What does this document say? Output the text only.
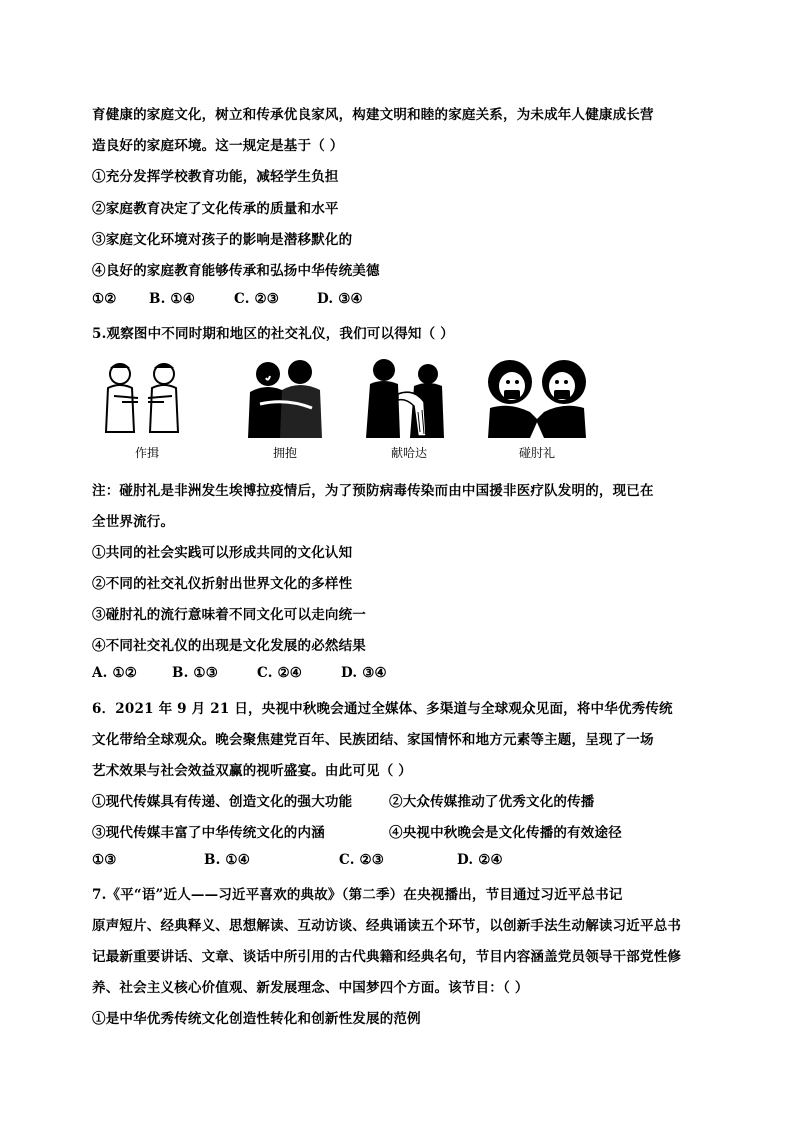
育健康的家庭文化，树立和传承优良家风，构建文明和睦的家庭关系，为未成年人健康成长营
造良好的家庭环境。这一规定是基于（ ）
①充分发挥学校教育功能，减轻学生负担
②家庭教育决定了文化传承的质量和水平
③家庭文化环境对孩子的影响是潜移默化的
④良好的家庭教育能够传承和弘扬中华传统美德
①② B. ①④	C. ②③	D. ③④
5.观察图中不同时期和地区的社交礼仪，我们可以得知（ ）
作揖	拥抱	献哈达	碰肘礼
注：碰肘礼是非洲发生埃博拉疫情后，为了预防病毒传染而由中国援非医疗队发明的，现已在
全世界流行。
①共同的社会实践可以形成共同的文化认知
②不同的社交礼仪折射出世界文化的多样性
③碰肘礼的流行意味着不同文化可以走向统一
④不同社交礼仪的出现是文化发展的必然结果
A. ①②	B. ①③	C. ②④	D. ③④
6．2021 年 9 月 21 日，央视中秋晚会通过全媒体、多渠道与全球观众见面，将中华优秀传统
文化带给全球观众。晚会聚焦建党百年、民族团结、家国情怀和地方元素等主题，呈现了一场
艺术效果与社会效益双赢的视听盛宴。由此可见（ ）
①现代传媒具有传递、创造文化的强大功能	②大众传媒推动了优秀文化的传播
③现代传媒丰富了中华传统文化的内涵	④央视中秋晚会是文化传播的有效途径
①③	B. ①④	C. ②③	D. ②④
7.《平“语”近人——习近平喜欢的典故》（第二季）在央视播出，节目通过习近平总书记
原声短片、经典释义、思想解读、互动访谈、经典诵读五个环节，以创新手法生动解读习近平总书
记最新重要讲话、文章、谈话中所引用的古代典籍和经典名句，节目内容涵盖党员领导干部党性修
养、社会主义核心价值观、新发展理念、中国梦四个方面。该节目：（ ）
①是中华优秀传统文化创造性转化和创新性发展的范例
